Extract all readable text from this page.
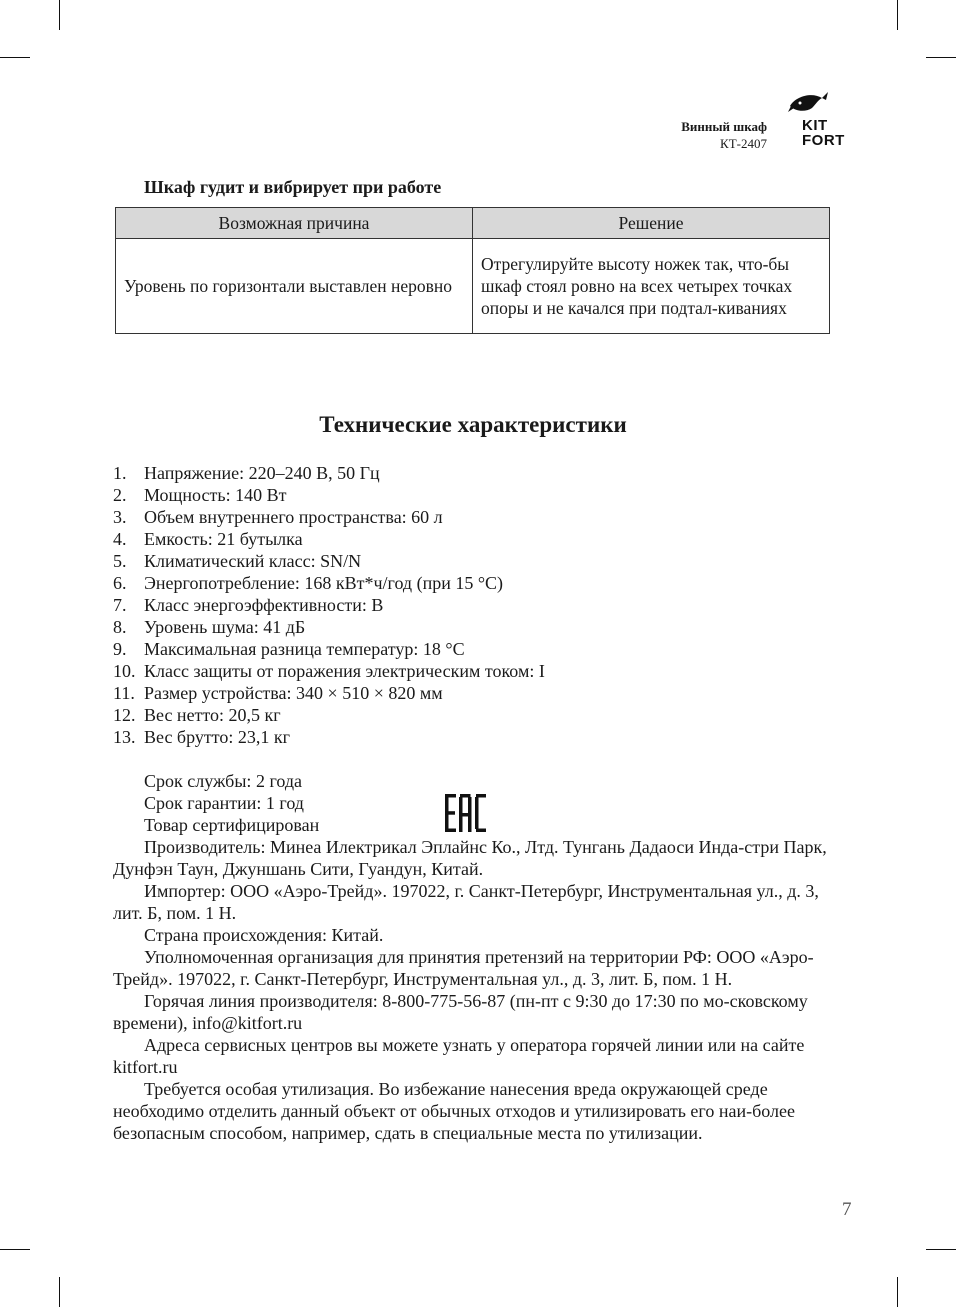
Винный шкаф
КТ-2407
KIT
FORT
Шкаф гудит и вибрирует при работе
Возможная причина	Решение
Уровень по горизонтали выставлен неровно	Отрегулируйте высоту ножек так, что-бы шкаф стоял ровно на всех четырех точках опоры и не качался при подтал-киваниях
Технические характеристики
1. Напряжение: 220–240 В, 50 Гц
2. Мощность: 140 Вт
3. Объем внутреннего пространства: 60 л
4. Емкость: 21 бутылка
5. Климатический класс: SN/N
6. Энергопотребление: 168 кВт*ч/год (при 15 °С)
7. Класс энергоэффективности: В
8. Уровень шума: 41 дБ
9. Максимальная разница температур: 18 °С
10. Класс защиты от поражения электрическим током: I
11. Размер устройства: 340 × 510 × 820 мм
12. Вес нетто: 20,5 кг
13. Вес брутто: 23,1 кг

Срок службы: 2 года

Срок гарантии: 1 год

Товар сертифицирован

Производитель: Минеа Илектрикал Эплайнс Ко., Лтд. Тунгань Дадаоси Инда-стри Парк, Дунфэн Таун, Джуншань Сити, Гуандун, Китай.

Импортер: ООО «Аэро-Трейд». 197022, г. Санкт-Петербург, Инструментальная ул., д. 3, лит. Б, пом. 1 Н.

Страна происхождения: Китай.

Уполномоченная организация для принятия претензий на территории РФ: ООО «Аэро-Трейд». 197022, г. Санкт-Петербург, Инструментальная ул., д. 3, лит. Б, пом. 1 Н.

Горячая линия производителя: 8-800-775-56-87 (пн-пт с 9:30 до 17:30 по мо-сковскому времени), info@kitfort.ru

Адреса сервисных центров вы можете узнать у оператора горячей линии или на сайте kitfort.ru

Требуется особая утилизация. Во избежание нанесения вреда окружающей среде необходимо отделить данный объект от обычных отходов и утилизировать его наи-более безопасным способом, например, сдать в специальные места по утилизации.

7
